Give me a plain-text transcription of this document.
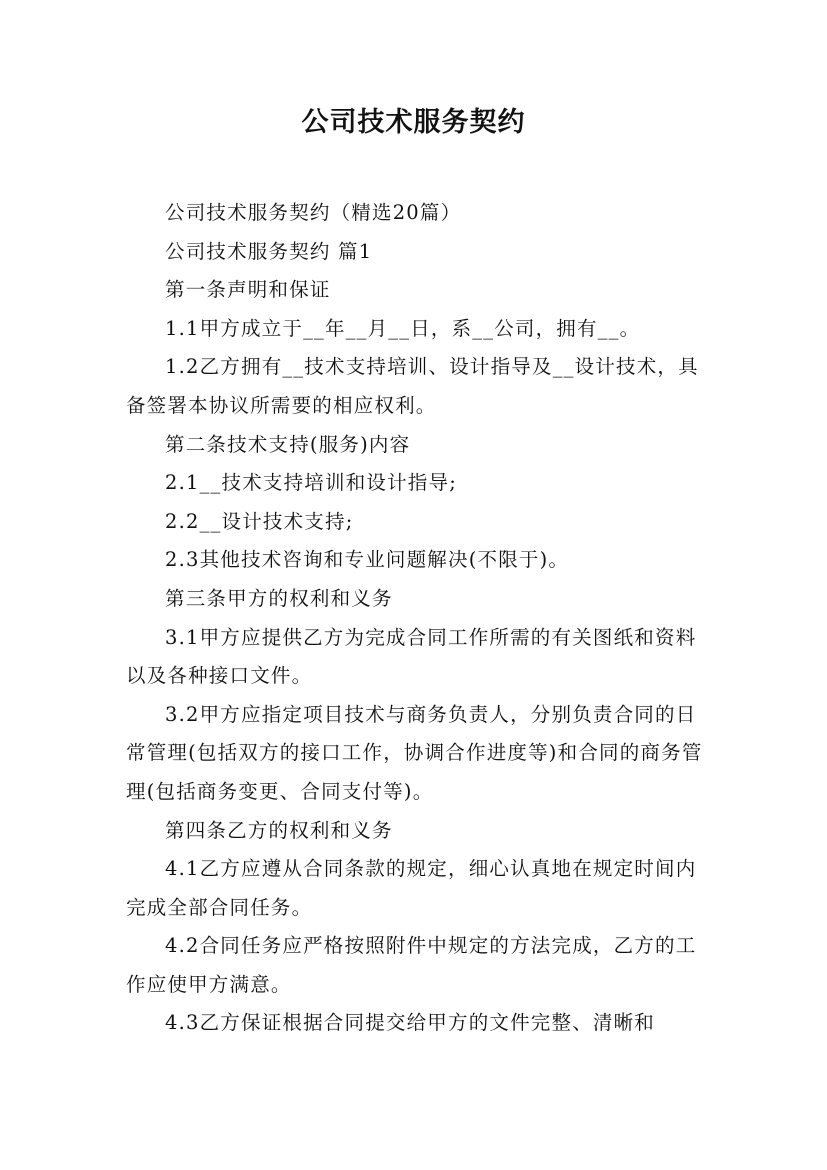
公司技术服务契约

公司技术服务契约（精选20篇）

公司技术服务契约 篇1

第一条声明和保证

1.1甲方成立于__年__月__日，系__公司，拥有__。

1.2乙方拥有__技术支持培训、设计指导及__设计技术，具备签署本协议所需要的相应权利。

第二条技术支持(服务)内容

2.1__技术支持培训和设计指导;

2.2__设计技术支持;

2.3其他技术咨询和专业问题解决(不限于)。

第三条甲方的权利和义务

3.1甲方应提供乙方为完成合同工作所需的有关图纸和资料以及各种接口文件。

3.2甲方应指定项目技术与商务负责人，分别负责合同的日常管理(包括双方的接口工作，协调合作进度等)和合同的商务管理(包括商务变更、合同支付等)。

第四条乙方的权利和义务

4.1乙方应遵从合同条款的规定，细心认真地在规定时间内完成全部合同任务。

4.2合同任务应严格按照附件中规定的方法完成，乙方的工作应使甲方满意。

4.3乙方保证根据合同提交给甲方的文件完整、清晰和
